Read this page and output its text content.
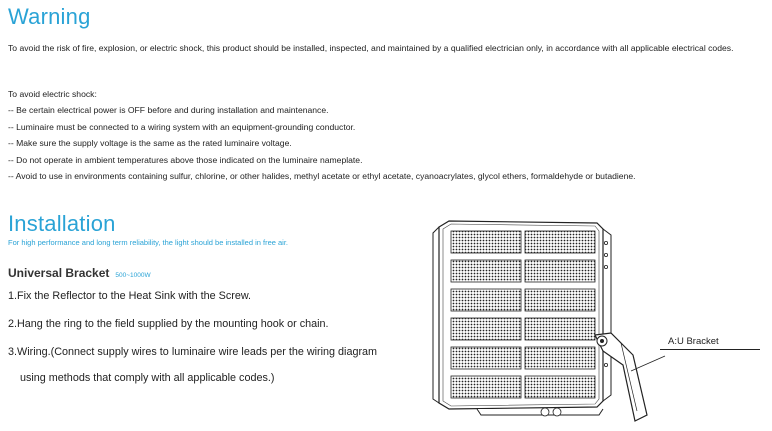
Warning
To avoid the risk of fire, explosion, or electric shock, this product should be installed, inspected, and maintained by a qualified electrician only, in accordance with all applicable electrical codes.
To avoid electric shock:
-- Be certain electrical power is OFF before and during installation and maintenance.
-- Luminaire must be connected to a wiring system with an equipment-grounding conductor.
-- Make sure the supply voltage is the same as the rated luminaire voltage.
-- Do not operate in ambient temperatures above those indicated on the luminaire nameplate.
-- Avoid to use in environments containing sulfur, chlorine, or other halides, methyl acetate or ethyl acetate, cyanoacrylates, glycol ethers, formaldehyde or butadiene.
Installation
For high performance and long term reliability, the light should be installed in free air.
Universal Bracket 500~1000W
1.Fix the Reflector to the Heat Sink with the Screw.
2.Hang the ring to the field supplied by the mounting hook or chain.
3.Wiring.(Connect supply wires to luminaire wire leads per the wiring diagram
using methods that comply with all applicable codes.)
A:U Bracket
